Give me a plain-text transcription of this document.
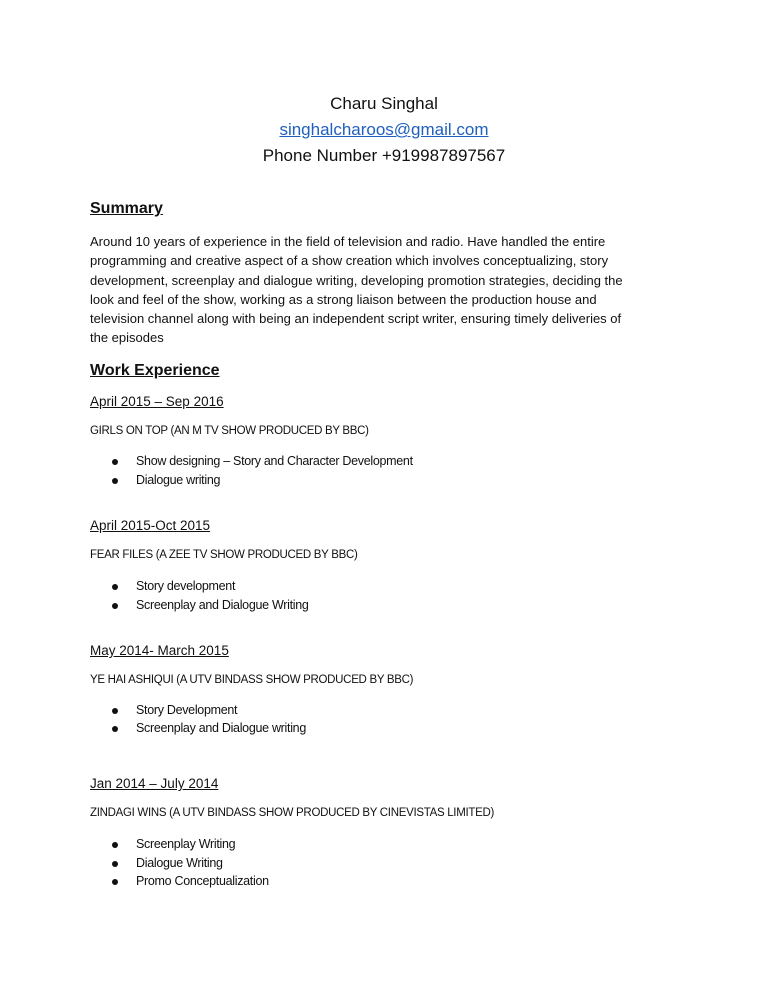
Charu Singhal
singhalcharoos@gmail.com
Phone Number +919987897567
Summary
Around 10 years of experience in the field of television and radio. Have handled the entire
programming and creative aspect of a show creation which involves conceptualizing, story
development, screenplay and dialogue writing, developing promotion strategies, deciding the
look and feel of the show, working as a strong liaison between the production house and
television channel along with being an independent script writer, ensuring timely deliveries of
the episodes
Work Experience
April 2015 – Sep 2016
GIRLS ON TOP (AN M TV SHOW PRODUCED BY BBC)
Show designing – Story and Character Development
Dialogue writing
April 2015-Oct 2015
FEAR FILES (A ZEE TV SHOW PRODUCED BY BBC)
Story development
Screenplay and Dialogue Writing
May 2014- March 2015
YE HAI ASHIQUI (A UTV BINDASS SHOW PRODUCED BY BBC)
Story Development
Screenplay and Dialogue writing
Jan 2014 – July 2014
ZINDAGI WINS (A UTV BINDASS SHOW PRODUCED BY CINEVISTAS LIMITED)
Screenplay Writing
Dialogue Writing
Promo Conceptualization
